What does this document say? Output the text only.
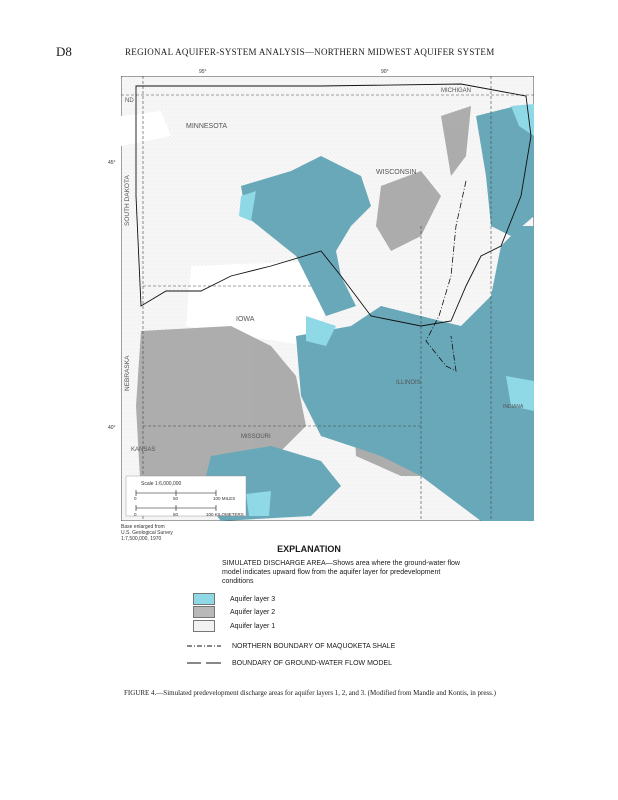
D8	REGIONAL AQUIFER-SYSTEM ANALYSIS—NORTHERN MIDWEST AQUIFER SYSTEM
95°	90°
45°
40°
Scale 1:6,000,000
0	50	100 MILES
0	50	100 KILOMETERS
MINNESOTA
WISCONSIN
MICHIGAN
ND
SOUTH DAKOTA
IOWA
NEBRASKA	ILLINOIS
INDIANA
MISSOURI
KANSAS
Base enlarged from
U.S. Geological Survey
1:7,500,000, 1970
EXPLANATION
SIMULATED DISCHARGE AREA—Shows area where the ground-water flow model indicates upward flow from the aquifer layer for predevelopment conditions
Aquifer layer 3
Aquifer layer 2
Aquifer layer 1
NORTHERN BOUNDARY OF MAQUOKETA SHALE
BOUNDARY OF GROUND-WATER FLOW MODEL
FIGURE 4.—Simulated predevelopment discharge areas for aquifer layers 1, 2, and 3. (Modified from Mandle and Kontis, in press.)
